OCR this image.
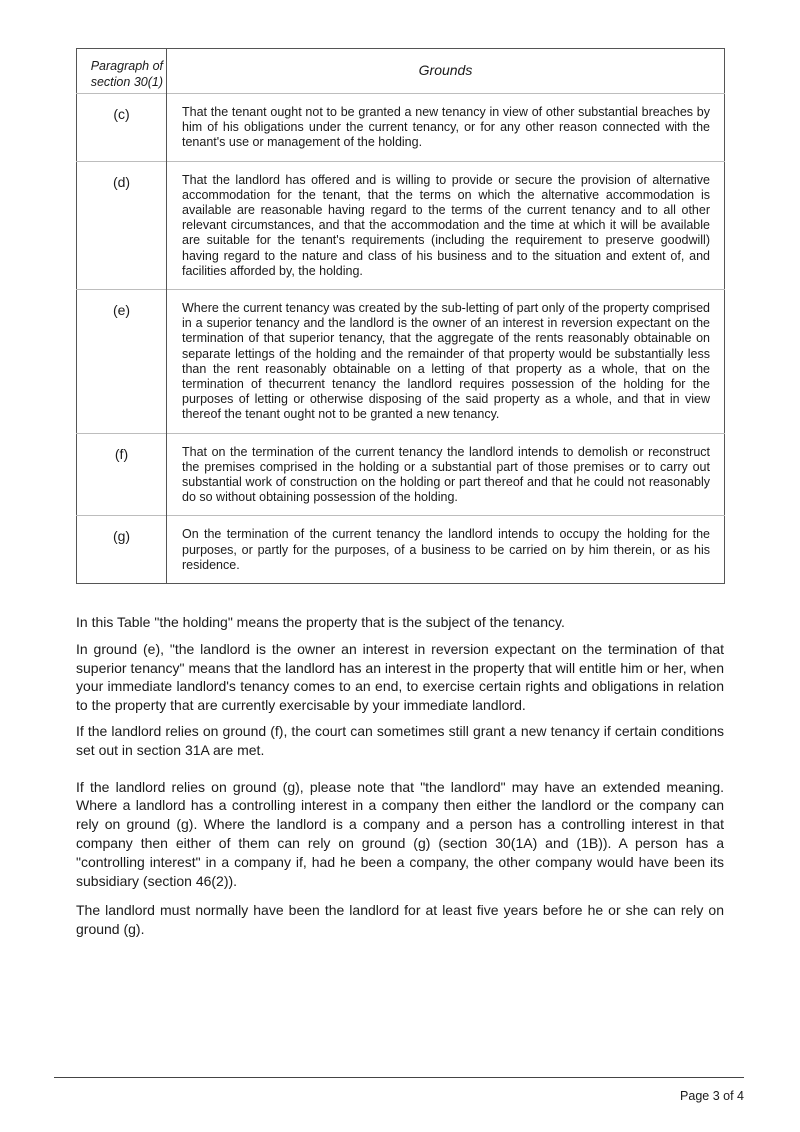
Paragraph of section 30(1)	Grounds
(c)	That the tenant ought not to be granted a new tenancy in view of other substantial breaches by him of his obligations under the current tenancy, or for any other reason connected with the tenant's use or management of the holding.
(d)	That the landlord has offered and is willing to provide or secure the provision of alternative accommodation for the tenant, that the terms on which the alternative accommodation is available are reasonable having regard to the terms of the current tenancy and to all other relevant circumstances, and that the accommodation and the time at which it will be available are suitable for the tenant's requirements (including the requirement to preserve goodwill) having regard to the nature and class of his business and to the situation and extent of, and facilities afforded by, the holding.
(e)	Where the current tenancy was created by the sub-letting of part only of the property comprised in a superior tenancy and the landlord is the owner of an interest in reversion expectant on the termination of that superior tenancy, that the aggregate of the rents reasonably obtainable on separate lettings of the holding and the remainder of that property would be substantially less than the rent reasonably obtainable on a letting of that property as a whole, that on the termination of thecurrent tenancy the landlord requires possession of the holding for the purposes of letting or otherwise disposing of the said property as a whole, and that in view thereof the tenant ought not to be granted a new tenancy.
(f)	That on the termination of the current tenancy the landlord intends to demolish or reconstruct the premises comprised in the holding or a substantial part of those premises or to carry out substantial work of construction on the holding or part thereof and that he could not reasonably do so without obtaining possession of the holding.
(g)	On the termination of the current tenancy the landlord intends to occupy the holding for the purposes, or partly for the purposes, of a business to be carried on by him therein, or as his residence.

In this Table "the holding" means the property that is the subject of the tenancy.

In ground (e), "the landlord is the owner an interest in reversion expectant on the termination of that superior tenancy" means that the landlord has an interest in the property that will entitle him or her, when your immediate landlord's tenancy comes to an end, to exercise certain rights and obligations in relation to the property that are currently exercisable by your immediate landlord.

If the landlord relies on ground (f), the court can sometimes still grant a new tenancy if certain conditions set out in section 31A are met.

If the landlord relies on ground (g), please note that "the landlord" may have an extended meaning. Where a landlord has a controlling interest in a company then either the landlord or the company can rely on ground (g). Where the landlord is a company and a person has a controlling interest in that company then either of them can rely on ground (g) (section 30(1A) and (1B)). A person has a "controlling interest" in a company if, had he been a company, the other company would have been its subsidiary (section 46(2)).

The landlord must normally have been the landlord for at least five years before he or she can rely on ground (g).

Page 3 of 4
